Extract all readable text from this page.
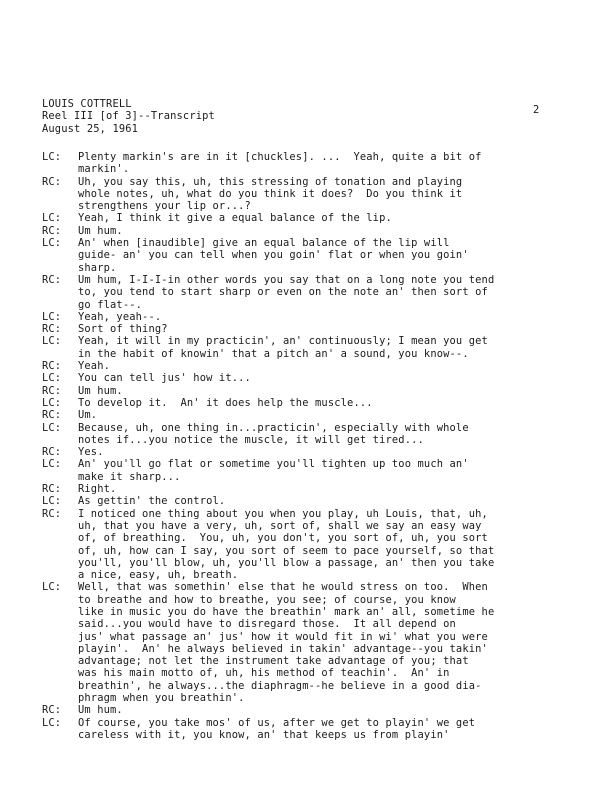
LOUIS COTTRELL
Reel III [of 3]--Transcript
August 25, 1961
2
LC:	Plenty markin's are in it [chuckles]. ...  Yeah, quite a bit of
markin'.
RC:	Uh, you say this, uh, this stressing of tonation and playing
whole notes, uh, what do you think it does?  Do you think it
strengthens your lip or...?
LC:	Yeah, I think it give a equal balance of the lip.
RC:	Um hum.
LC:	An' when [inaudible] give an equal balance of the lip will
guide- an' you can tell when you goin' flat or when you goin'
sharp.
RC:	Um hum, I-I-I-in other words you say that on a long note you tend
to, you tend to start sharp or even on the note an' then sort of
go flat--.
LC:	Yeah, yeah--.
RC:	Sort of thing?
LC:	Yeah, it will in my practicin', an' continuously; I mean you get
in the habit of knowin' that a pitch an' a sound, you know--.
RC:	Yeah.
LC:	You can tell jus' how it...
RC:	Um hum.
LC:	To develop it.  An' it does help the muscle...
RC:	Um.
LC:	Because, uh, one thing in...practicin', especially with whole
notes if...you notice the muscle, it will get tired...
RC:	Yes.
LC:	An' you'll go flat or sometime you'll tighten up too much an'
make it sharp...
RC:	Right.
LC:	As gettin' the control.
RC:	I noticed one thing about you when you play, uh Louis, that, uh,
uh, that you have a very, uh, sort of, shall we say an easy way
of, of breathing.  You, uh, you don't, you sort of, uh, you sort
of, uh, how can I say, you sort of seem to pace yourself, so that
you'll, you'll blow, uh, you'll blow a passage, an' then you take
a nice, easy, uh, breath.
LC:	Well, that was somethin' else that he would stress on too.  When
to breathe and how to breathe, you see; of course, you know
like in music you do have the breathin' mark an' all, sometime he
said...you would have to disregard those.  It all depend on
jus' what passage an' jus' how it would fit in wi' what you were
playin'.  An' he always believed in takin' advantage--you takin'
advantage; not let the instrument take advantage of you; that
was his main motto of, uh, his method of teachin'.  An' in
breathin', he always...the diaphragm--he believe in a good dia-
phragm when you breathin'.
RC:	Um hum.
LC:	Of course, you take mos' of us, after we get to playin' we get
careless with it, you know, an' that keeps us from playin'
